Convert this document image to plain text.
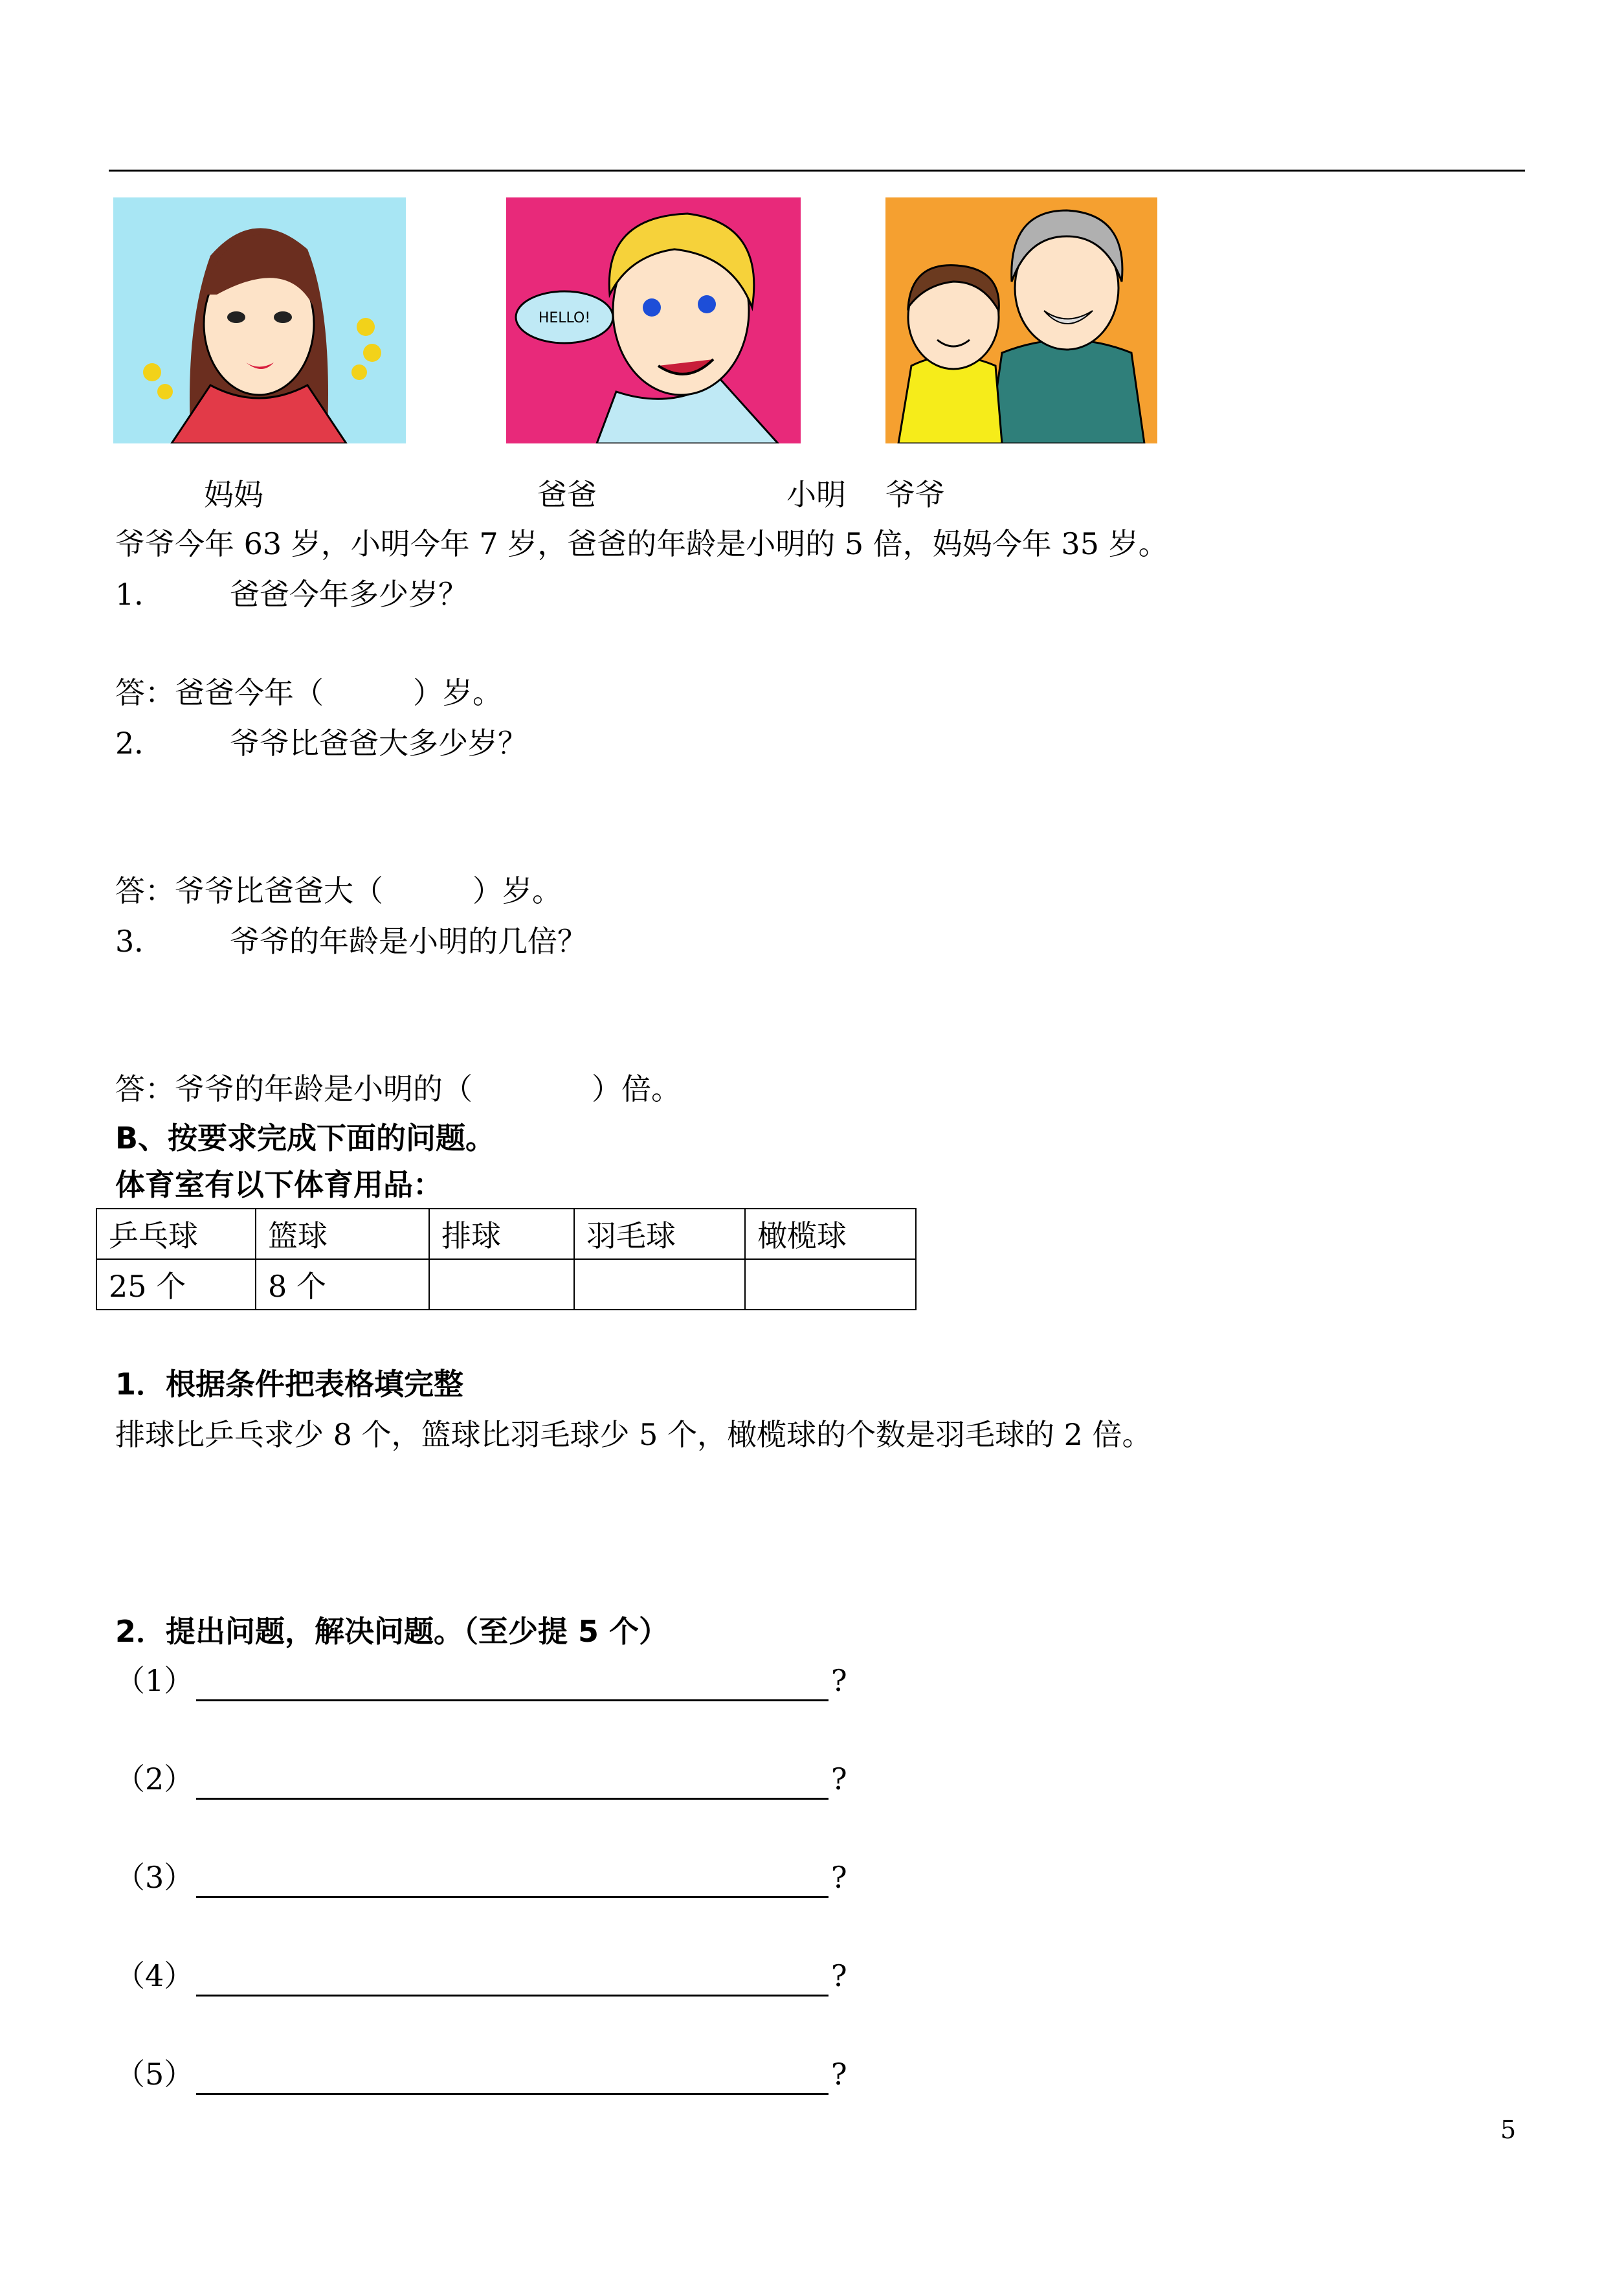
HELLO!
妈妈	爸爸	小明 爷爷
爷爷今年 63 岁，小明今年 7 岁，爸爸的年龄是小明的 5 倍，妈妈今年 35 岁。
1． 爸爸今年多少岁？
答：爸爸今年（　　　）岁。
2． 爷爷比爸爸大多少岁？
答：爷爷比爸爸大（　　　）岁。
3． 爷爷的年龄是小明的几倍？
答：爷爷的年龄是小明的（　　　　）倍。
B、按要求完成下面的问题。
体育室有以下体育用品：
乒乓球	篮球	排球	羽毛球	橄榄球
25 个	8 个			
1．根据条件把表格填完整
排球比乒乓求少 8 个，篮球比羽毛球少 5 个，橄榄球的个数是羽毛球的 2 倍。
2．提出问题，解决问题。（至少提 5 个）
（1）	?
（2）	?
（3）	?
（4）	?
（5）	?
5
